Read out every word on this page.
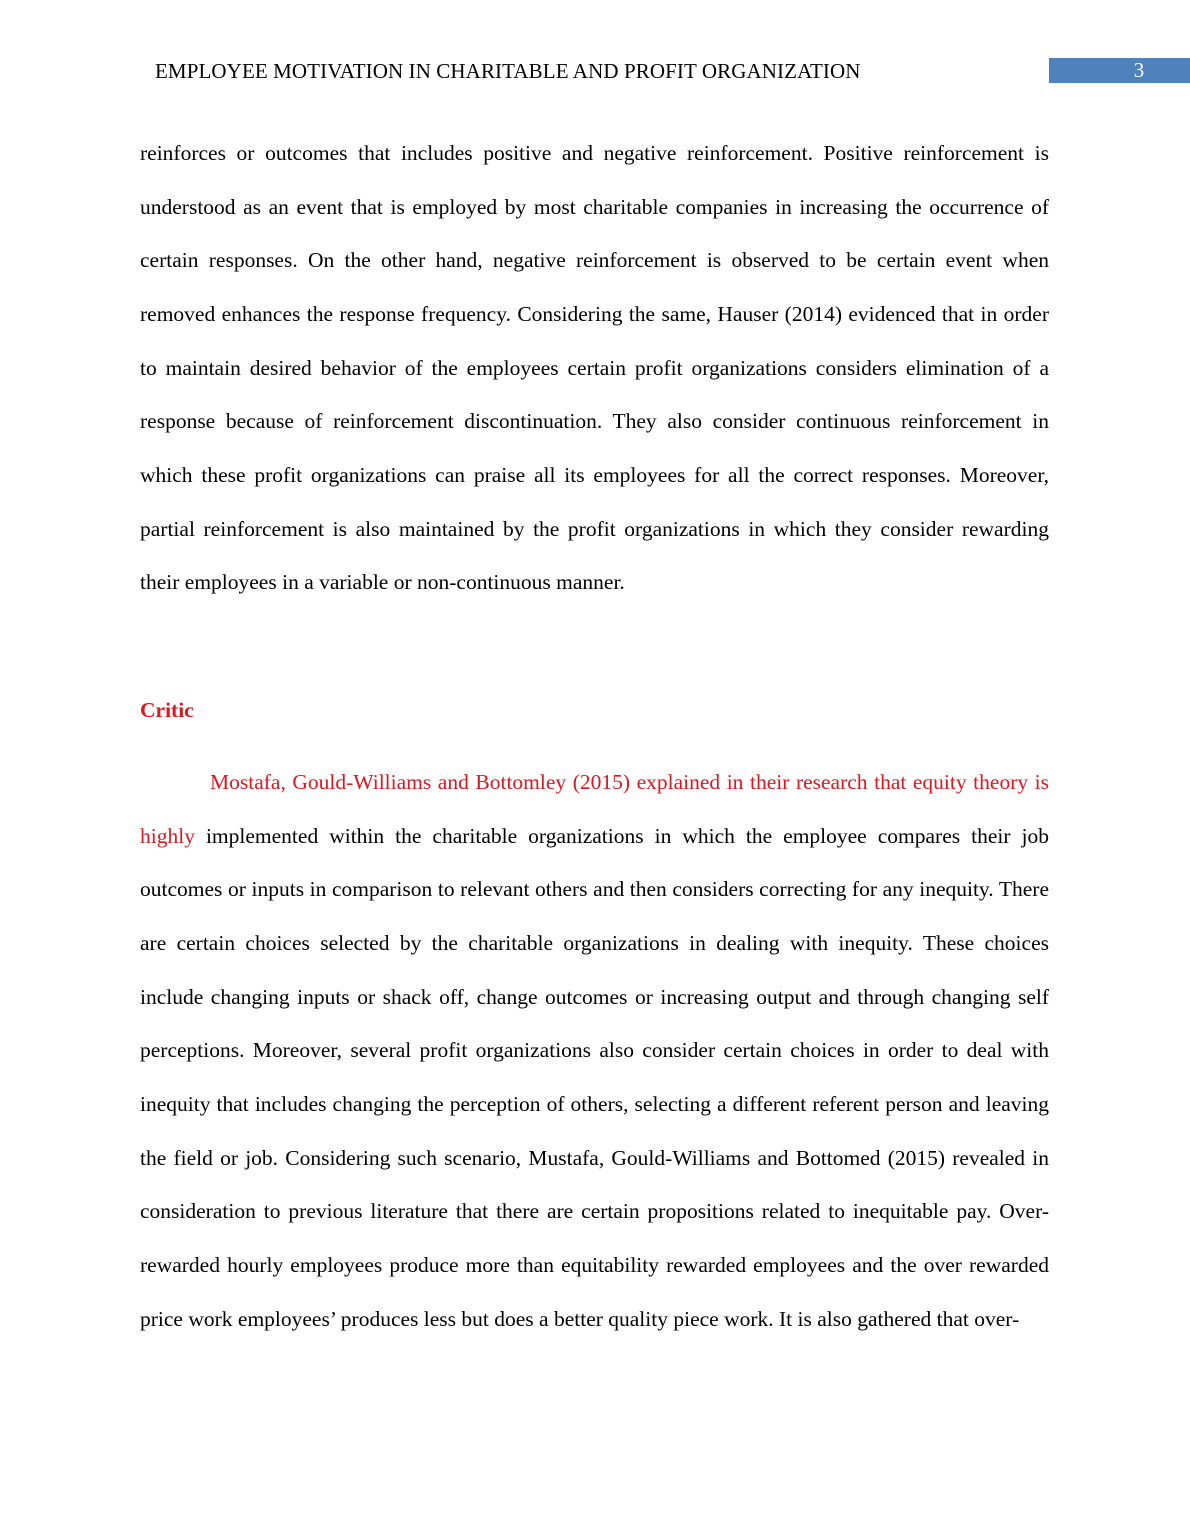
EMPLOYEE MOTIVATION IN CHARITABLE AND PROFIT ORGANIZATION	3

reinforces or outcomes that includes positive and negative reinforcement. Positive reinforcement is understood as an event that is employed by most charitable companies in increasing the occurrence of certain responses. On the other hand, negative reinforcement is observed to be certain event when removed enhances the response frequency. Considering the same, Hauser (2014) evidenced that in order to maintain desired behavior of the employees certain profit organizations considers elimination of a response because of reinforcement discontinuation. They also consider continuous reinforcement in which these profit organizations can praise all its employees for all the correct responses. Moreover, partial reinforcement is also maintained by the profit organizations in which they consider rewarding their employees in a variable or non-continuous manner.

Critic

Mostafa, Gould-Williams and Bottomley (2015) explained in their research that equity theory is highly implemented within the charitable organizations in which the employee compares their job outcomes or inputs in comparison to relevant others and then considers correcting for any inequity. There are certain choices selected by the charitable organizations in dealing with inequity. These choices include changing inputs or shack off, change outcomes or increasing output and through changing self perceptions. Moreover, several profit organizations also consider certain choices in order to deal with inequity that includes changing the perception of others, selecting a different referent person and leaving the field or job. Considering such scenario, Mustafa, Gould-Williams and Bottomed (2015) revealed in consideration to previous literature that there are certain propositions related to inequitable pay. Over-rewarded hourly employees produce more than equitability rewarded employees and the over rewarded price work employees’ produces less but does a better quality piece work. It is also gathered that over-
